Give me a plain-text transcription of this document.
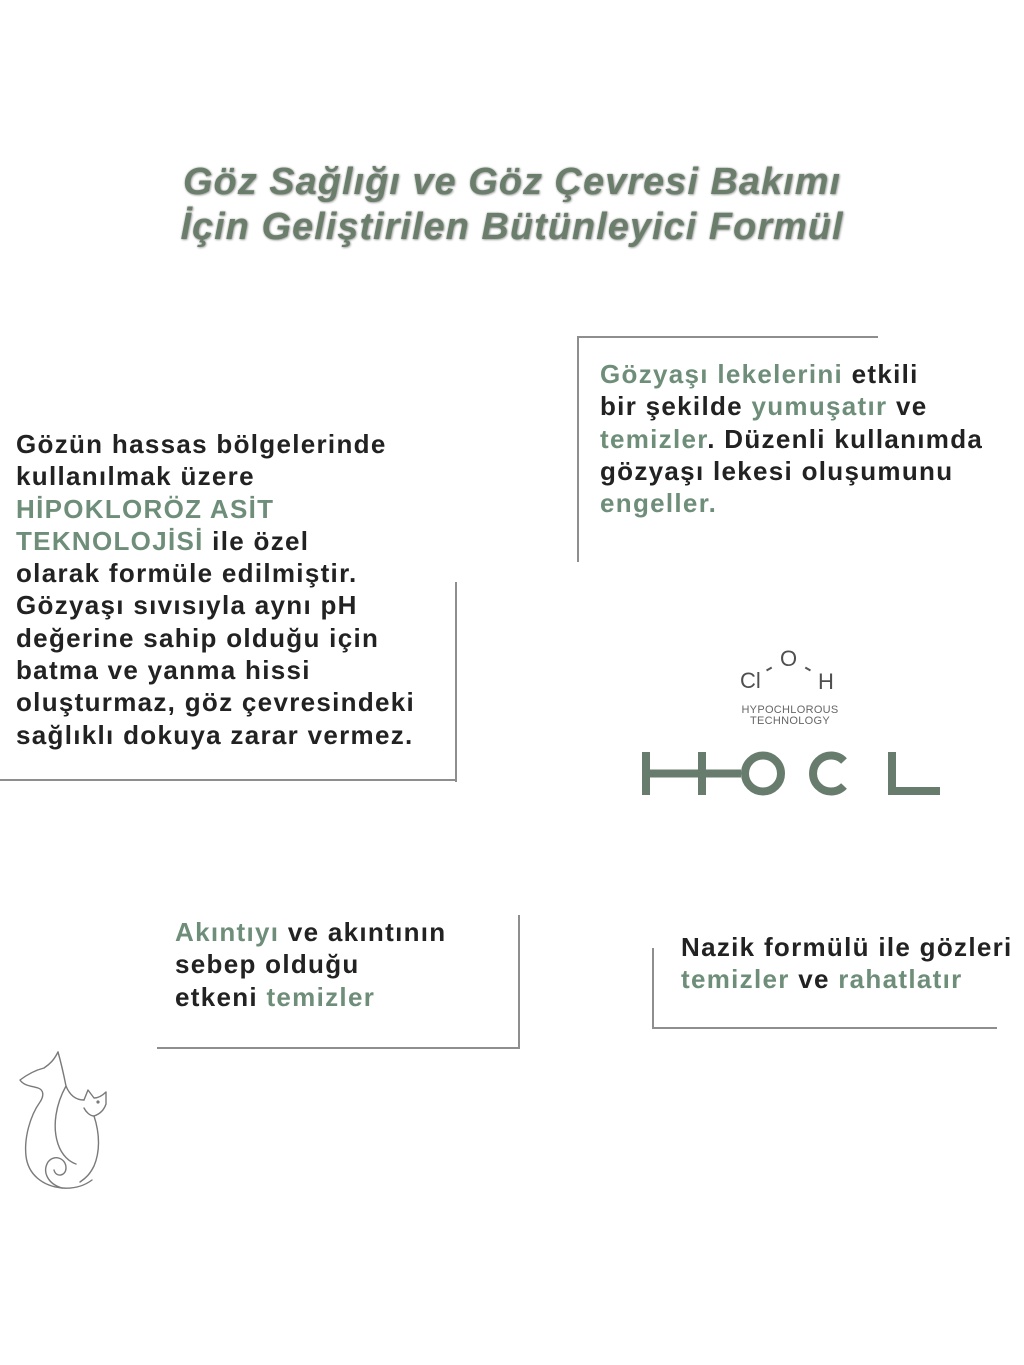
Göz Sağlığı ve Göz Çevresi Bakımı
İçin Geliştirilen Bütünleyici Formül
Gözün hassas bölgelerinde
kullanılmak üzere
HİPOKLORÖZ ASİT
TEKNOLOJİSİ ile özel
olarak formüle edilmiştir.
Gözyaşı sıvısıyla aynı pH
değerine sahip olduğu için
batma ve yanma hissi
oluşturmaz, göz çevresindeki
sağlıklı dokuya zarar vermez.
Gözyaşı lekelerini etkili
bir şekilde yumuşatır ve
temizler. Düzenli kullanımda
gözyaşı lekesi oluşumunu
engeller.
Cl
O
H
HYPOCHLOROUS
TECHNOLOGY
Akıntıyı ve akıntının
sebep olduğu
etkeni temizler
Nazik formülü ile gözleri
temizler ve rahatlatır
